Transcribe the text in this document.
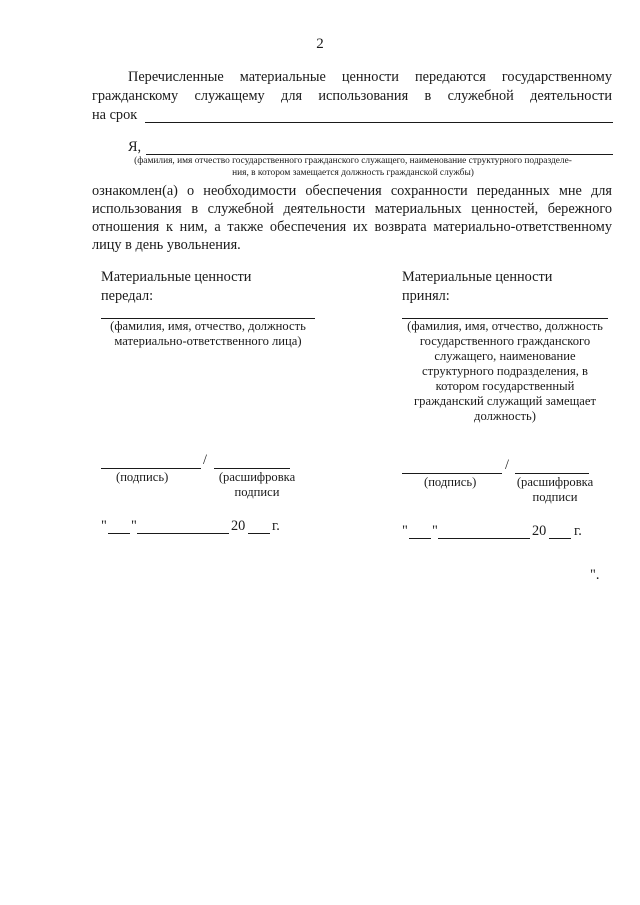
2
Перечисленные материальные ценности передаются государственному
гражданскому служащему для использования в служебной деятельности
на срок
Я,
(фамилия, имя отчество государственного гражданского служащего, наименование структурного подразделе-
ния, в котором замещается должность гражданской службы)
ознакомлен(а) о необходимости обеспечения сохранности переданных мне для
использования в служебной деятельности материальных ценностей, бережного
отношения к ним, а также обеспечения их возврата материально-ответственному
лицу в день увольнения.
Материальные ценности
передал:
(фамилия, имя, отчество, должность
материально-ответственного лица)
/
(подпись)	(расшифровка
подписи
" "	20 г.
Материальные ценности
принял:
(фамилия, имя, отчество, должность
государственного гражданского
служащего, наименование
структурного подразделения, в
котором государственный
гражданский служащий замещает
должность)
/
(подпись)	(расшифровка
подписи
" "	20 г.
".
